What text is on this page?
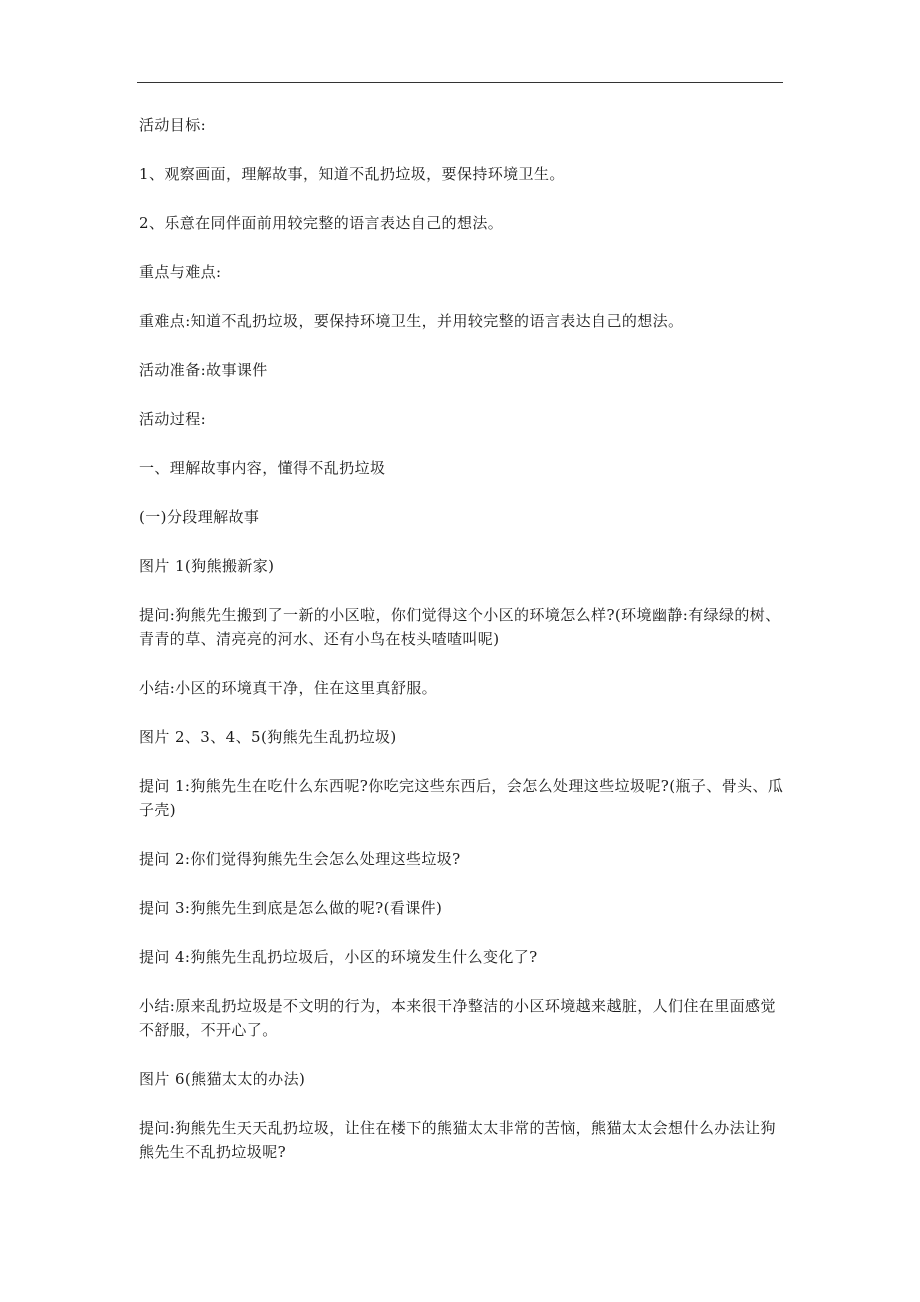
活动目标:

1、观察画面，理解故事，知道不乱扔垃圾，要保持环境卫生。

2、乐意在同伴面前用较完整的语言表达自己的想法。

重点与难点:

重难点:知道不乱扔垃圾，要保持环境卫生，并用较完整的语言表达自己的想法。

活动准备:故事课件

活动过程:

一、理解故事内容，懂得不乱扔垃圾

(一)分段理解故事

图片 1(狗熊搬新家)

提问:狗熊先生搬到了一新的小区啦，你们觉得这个小区的环境怎么样?(环境幽静:有绿绿的树、青青的草、清亮亮的河水、还有小鸟在枝头喳喳叫呢)

小结:小区的环境真干净，住在这里真舒服。

图片 2、3、4、5(狗熊先生乱扔垃圾)

提问 1:狗熊先生在吃什么东西呢?你吃完这些东西后，会怎么处理这些垃圾呢?(瓶子、骨头、瓜子壳)

提问 2:你们觉得狗熊先生会怎么处理这些垃圾?

提问 3:狗熊先生到底是怎么做的呢?(看课件)

提问 4:狗熊先生乱扔垃圾后，小区的环境发生什么变化了?

小结:原来乱扔垃圾是不文明的行为，本来很干净整洁的小区环境越来越脏，人们住在里面感觉不舒服，不开心了。

图片 6(熊猫太太的办法)

提问:狗熊先生天天乱扔垃圾，让住在楼下的熊猫太太非常的苦恼，熊猫太太会想什么办法让狗熊先生不乱扔垃圾呢?
